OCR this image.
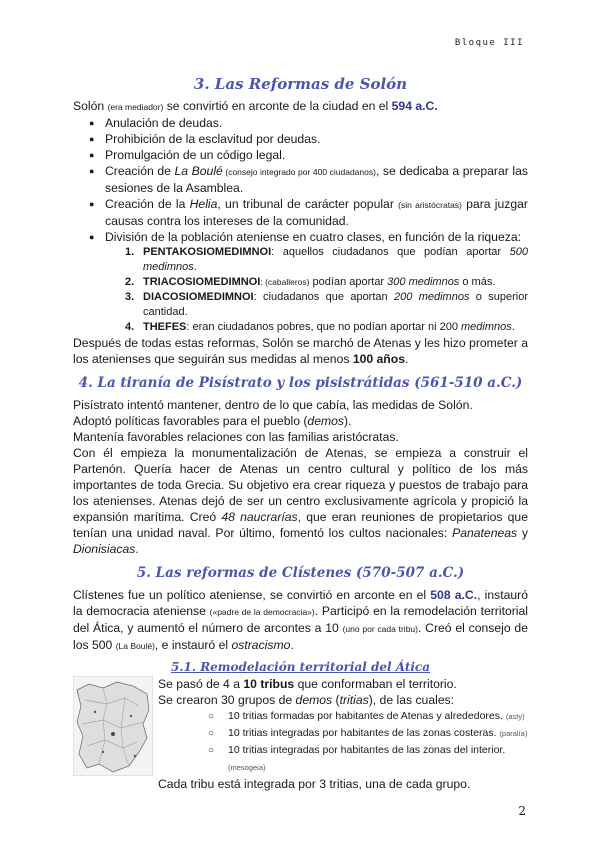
Bloque III
3. Las Reformas de Solón

Solón (era mediador) se convirtió en arconte de la ciudad en el 594 a.C.

● Anulación de deudas.
● Prohibición de la esclavitud por deudas.
● Promulgación de un código legal.
● Creación de La Boulé (consejo integrado por 400 ciudadanos), se dedicaba a preparar las sesiones de la Asamblea.
● Creación de la Helia, un tribunal de carácter popular (sin aristócratas) para juzgar causas contra los intereses de la comunidad.
● División de la población ateniense en cuatro clases, en función de la riqueza:
1. PENTAKOSIOMEDIMNOI: aquellos ciudadanos que podían aportar 500 medimnos.
2. TRIACOSIOMEDIMNOI: (caballeros) podían aportar 300 medimnos o más.
3. DIACOSIOMEDIMNOI: ciudadanos que aportan 200 medimnos o superior cantidad.
4. THEFES: eran ciudadanos pobres, que no podían aportar ni 200 medimnos.

Después de todas estas reformas, Solón se marchó de Atenas y les hizo prometer a los atenienses que seguirán sus medidas al menos 100 años.

4. La tiranía de Pisístrato y los pisistrátidas (561-510 a.C.)

Pisístrato intentó mantener, dentro de lo que cabía, las medidas de Solón.

Adoptó políticas favorables para el pueblo (demos).

Mantenía favorables relaciones con las familias aristócratas.

Con él empieza la monumentalización de Atenas, se empieza a construir el Partenón. Quería hacer de Atenas un centro cultural y político de los más importantes de toda Grecia. Su objetivo era crear riqueza y puestos de trabajo para los atenienses. Atenas dejó de ser un centro exclusivamente agrícola y propició la expansión marítima. Creó 48 naucrarías, que eran reuniones de propietarios que tenían una unidad naval. Por último, fomentó los cultos nacionales: Panateneas y Dionisiacas.

5. Las reformas de Clístenes (570-507 a.C.)

Clístenes fue un político ateniense, se convirtió en arconte en el 508 a.C., instauró la democracia ateniense («padre de la democracia»). Participó en la remodelación territorial del Ática, y aumentó el número de arcontes a 10 (uno por cada tribu). Creó el consejo de los 500 (La Boulé), e instauró el ostracismo.

5.1. Remodelación territorial del Ática

Se pasó de 4 a 10 tribus que conformaban el territorio.

Se crearon 30 grupos de demos (tritias), de las cuales:

○ 10 tritias formadas por habitantes de Atenas y alrededores. (asty)
○ 10 tritias integradas por habitantes de las zonas costeras. (paralía)
○ 10 tritias integradas por habitantes de las zonas del interior. (mesogeia)

Cada tribu está integrada por 3 tritias, una de cada grupo.

2
